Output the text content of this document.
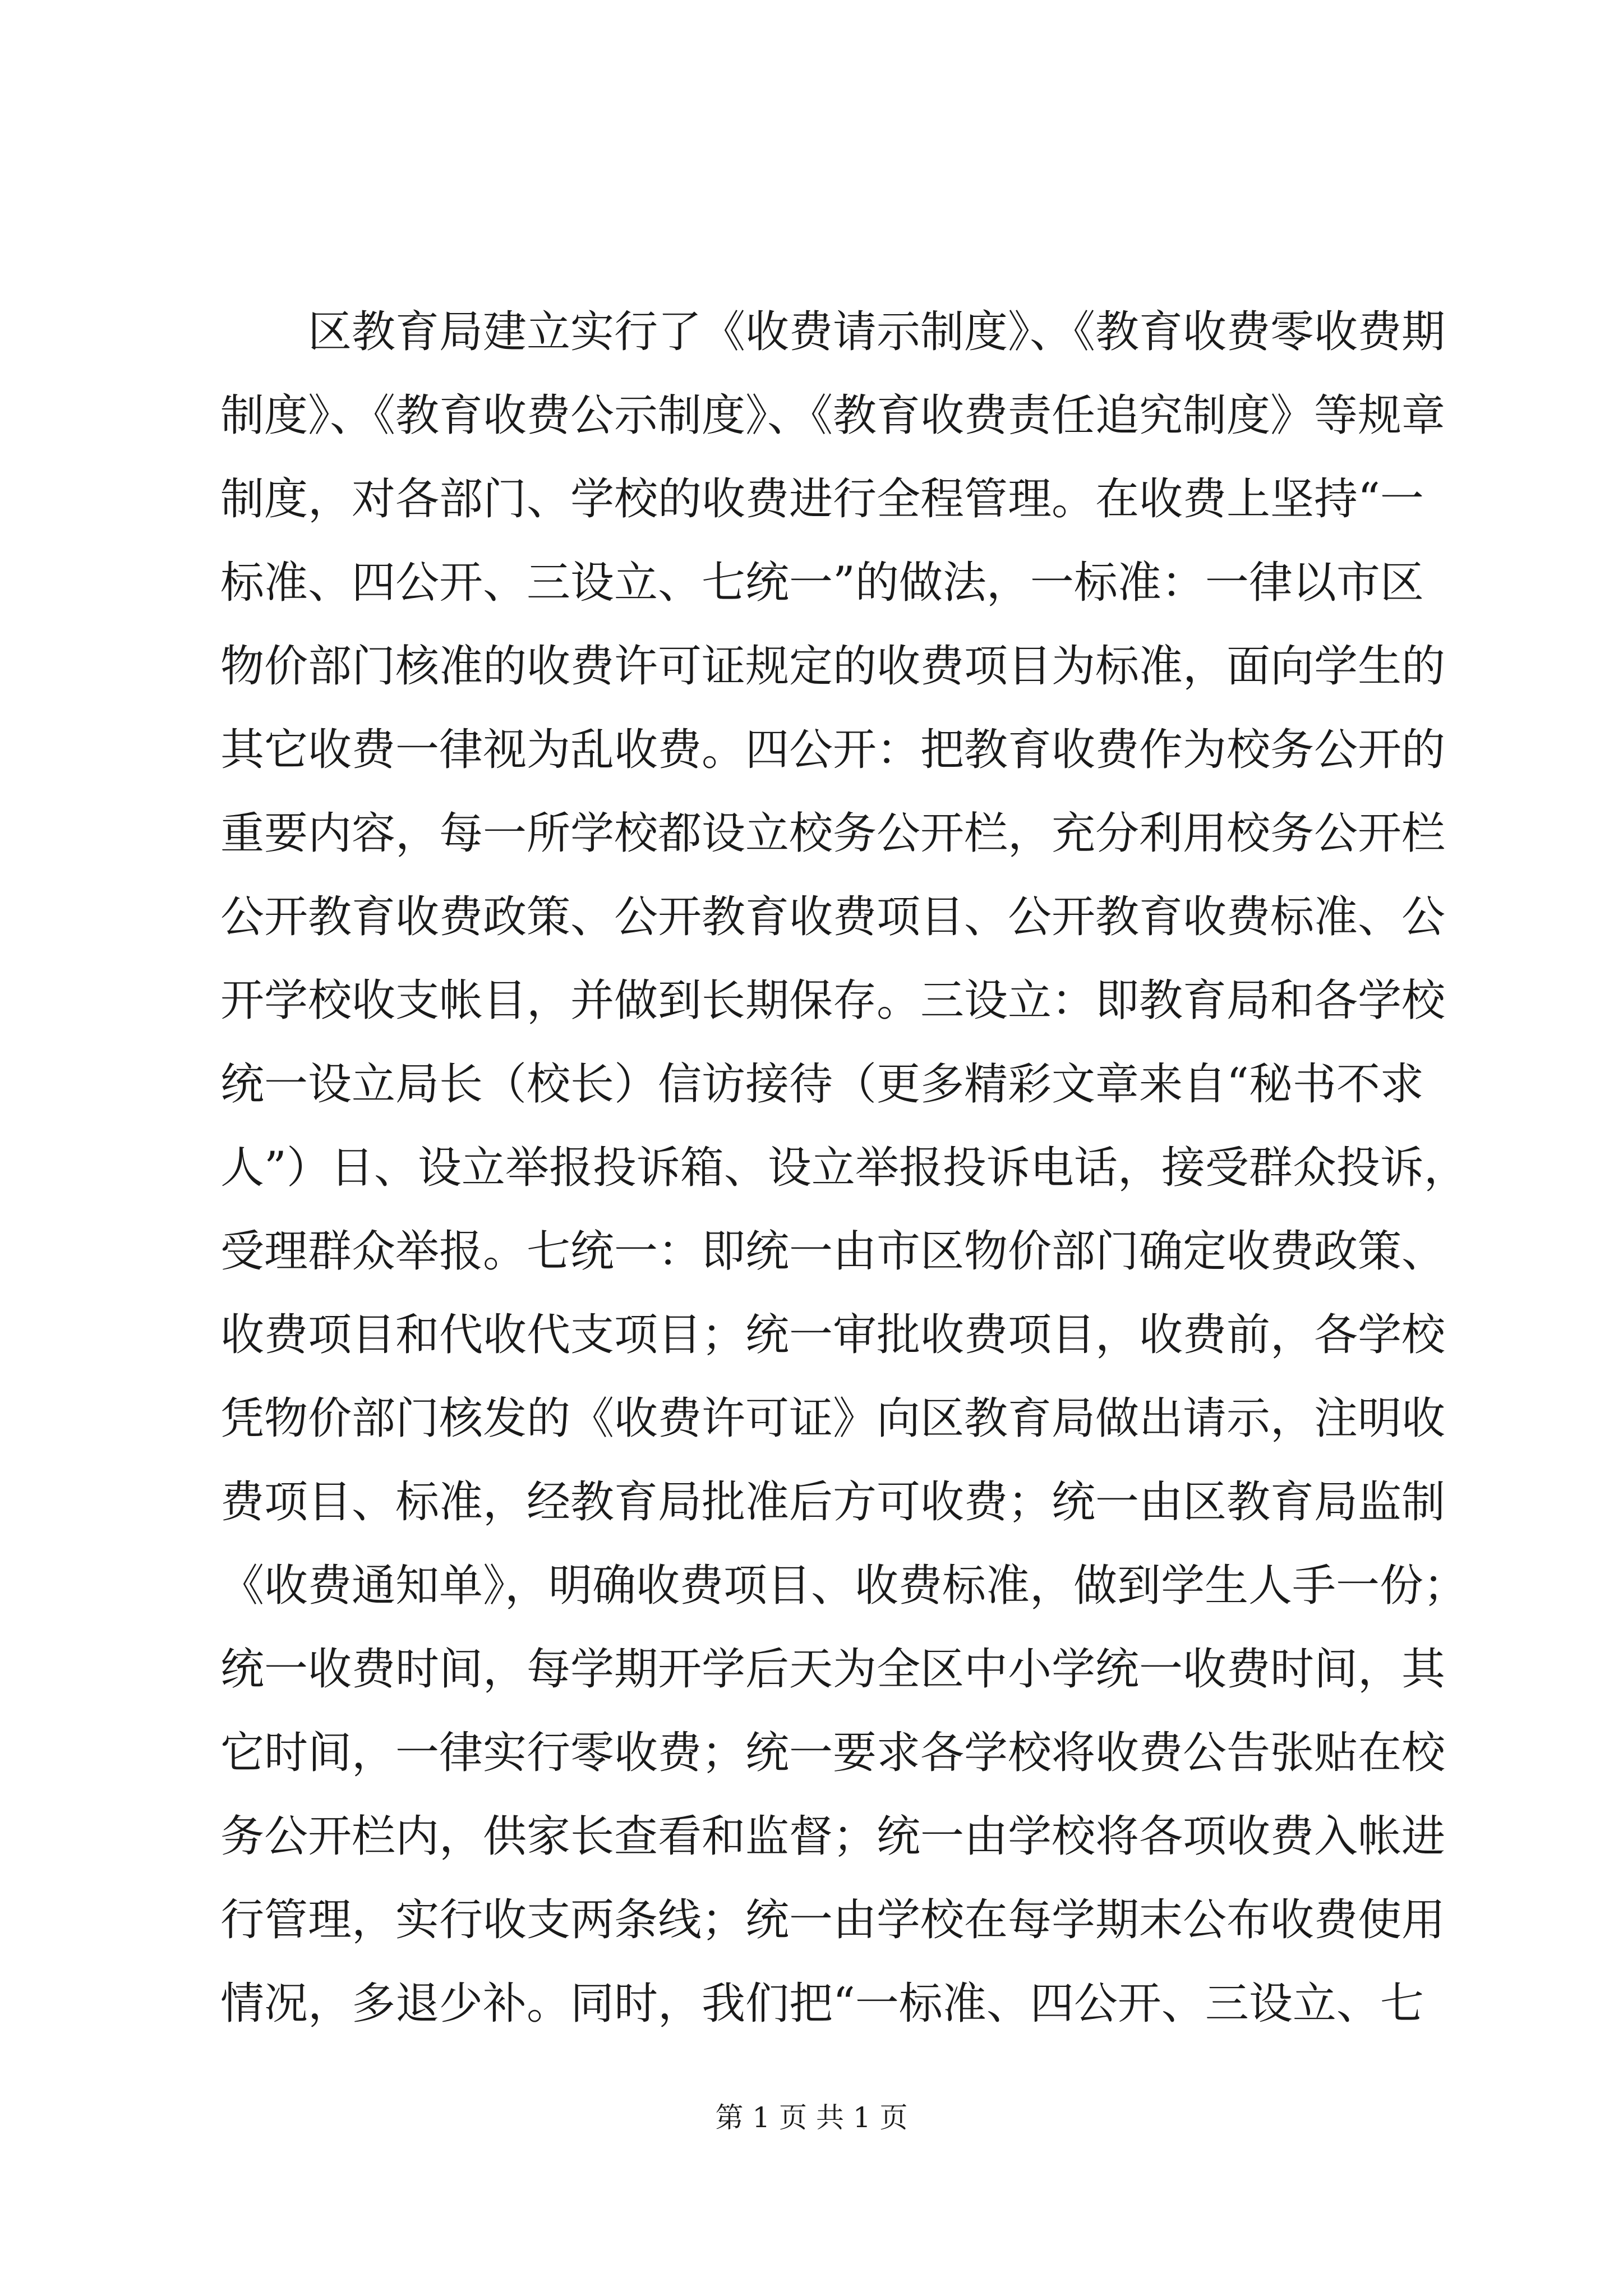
区教育局建立实行了《收费请示制度》、《教育收费零收费期
制度》、《教育收费公示制度》、《教育收费责任追究制度》等规章
制度，对各部门、学校的收费进行全程管理。在收费上坚持“一
标准、四公开、三设立、七统一”的做法，一标准：一律以市区
物价部门核准的收费许可证规定的收费项目为标准，面向学生的
其它收费一律视为乱收费。四公开：把教育收费作为校务公开的
重要内容，每一所学校都设立校务公开栏，充分利用校务公开栏
公开教育收费政策、公开教育收费项目、公开教育收费标准、公
开学校收支帐目，并做到长期保存。三设立：即教育局和各学校
统一设立局长（校长）信访接待（更多精彩文章来自“秘书不求
人”）日、设立举报投诉箱、设立举报投诉电话，接受群众投诉，
受理群众举报。七统一：即统一由市区物价部门确定收费政策、
收费项目和代收代支项目；统一审批收费项目，收费前，各学校
凭物价部门核发的《收费许可证》向区教育局做出请示，注明收
费项目、标准，经教育局批准后方可收费；统一由区教育局监制
《收费通知单》，明确收费项目、收费标准，做到学生人手一份；
统一收费时间，每学期开学后天为全区中小学统一收费时间，其
它时间，一律实行零收费；统一要求各学校将收费公告张贴在校
务公开栏内，供家长查看和监督；统一由学校将各项收费入帐进
行管理，实行收支两条线；统一由学校在每学期末公布收费使用
情况，多退少补。同时，我们把“一标准、四公开、三设立、七
第 1 页 共 1 页
